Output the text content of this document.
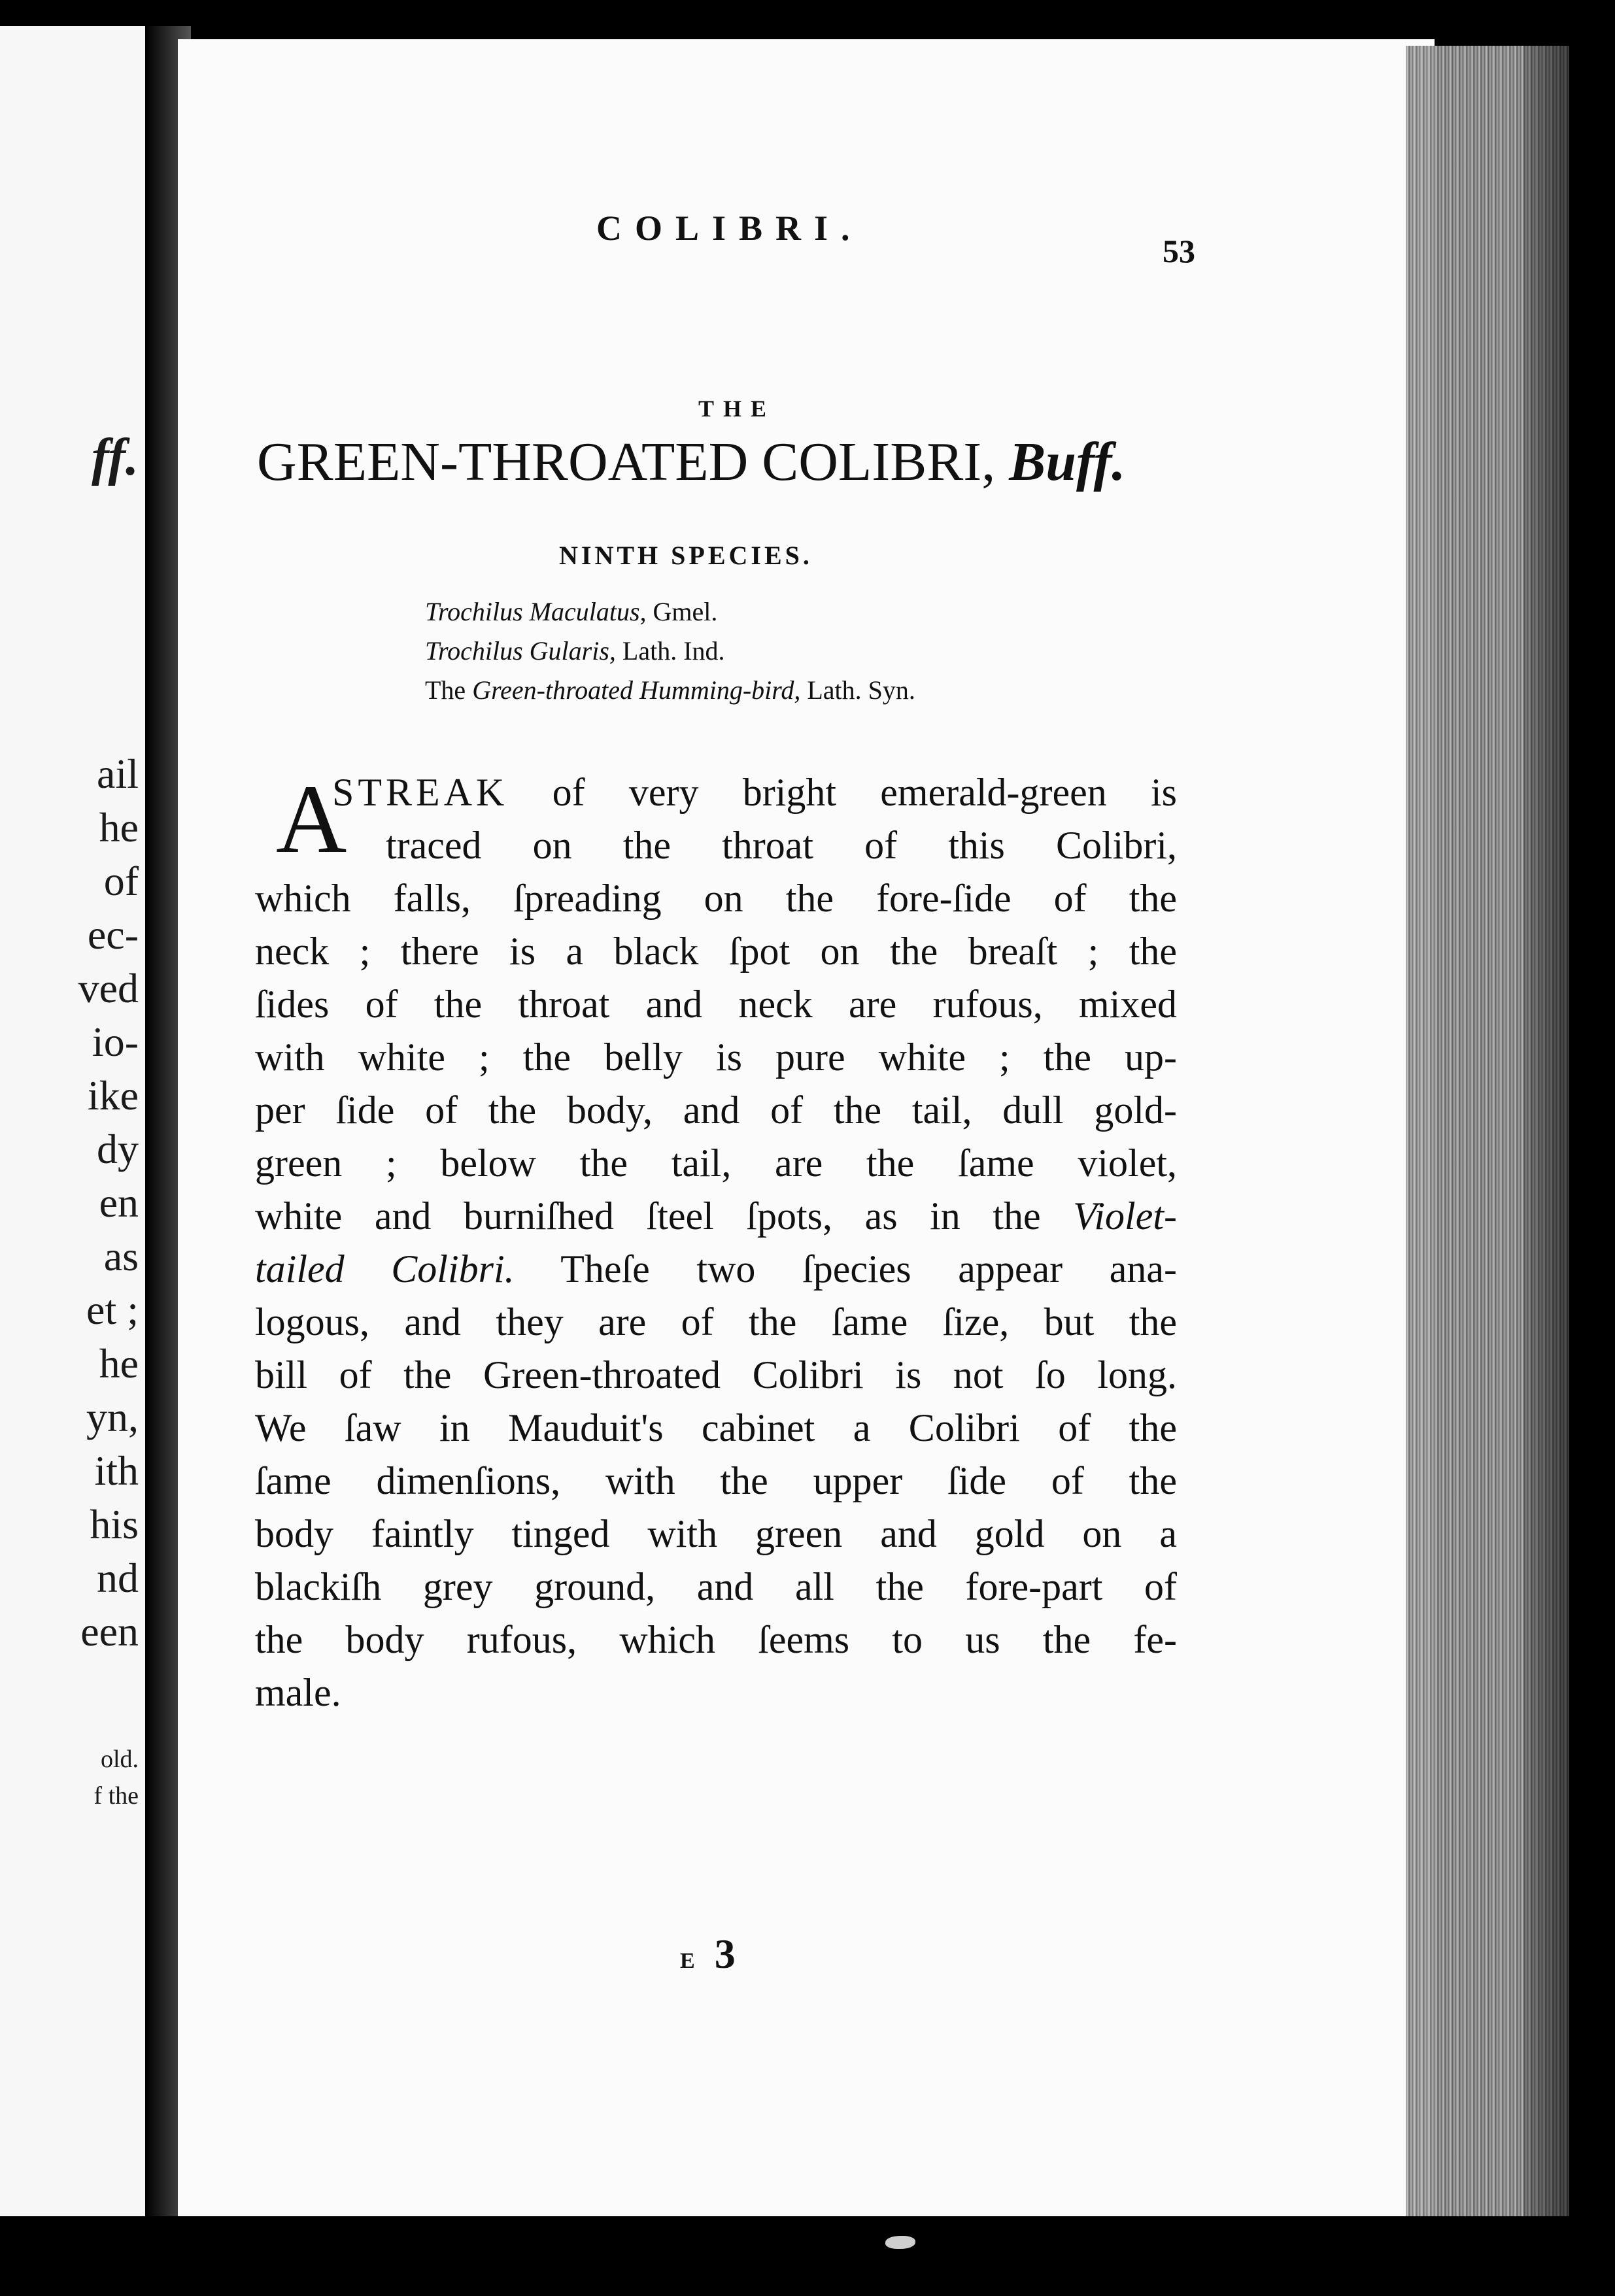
ff.
ail
he
of
ec-
ved
io-
ike
dy
en
as
et ;
he
yn,
ith
his
nd
een
old.
f the
COLIBRI.
53
THE
GREEN-THROATED COLIBRI, Buff.
NINTH SPECIES.
Trochilus Maculatus, Gmel.
Trochilus Gularis, Lath. Ind.
The Green-throated Humming-bird, Lath. Syn.
A
STREAK of very bright emerald-green is
traced on the throat of this Colibri,
which falls, ſpreading on the fore-ſide of the
neck ; there is a black ſpot on the breaſt ; the
ſides of the throat and neck are rufous, mixed
with white ; the belly is pure white ; the up-
per ſide of the body, and of the tail, dull gold-
green ; below the tail, are the ſame violet,
white and burniſhed ſteel ſpots, as in the Violet-
tailed Colibri. Theſe two ſpecies appear ana-
logous, and they are of the ſame ſize, but the
bill of the Green-throated Colibri is not ſo long.
We ſaw in Mauduit's cabinet a Colibri of the
ſame dimenſions, with the upper ſide of the
body faintly tinged with green and gold on a
blackiſh grey ground, and all the fore-part of
the body rufous, which ſeems to us the fe-
male.
E 3
